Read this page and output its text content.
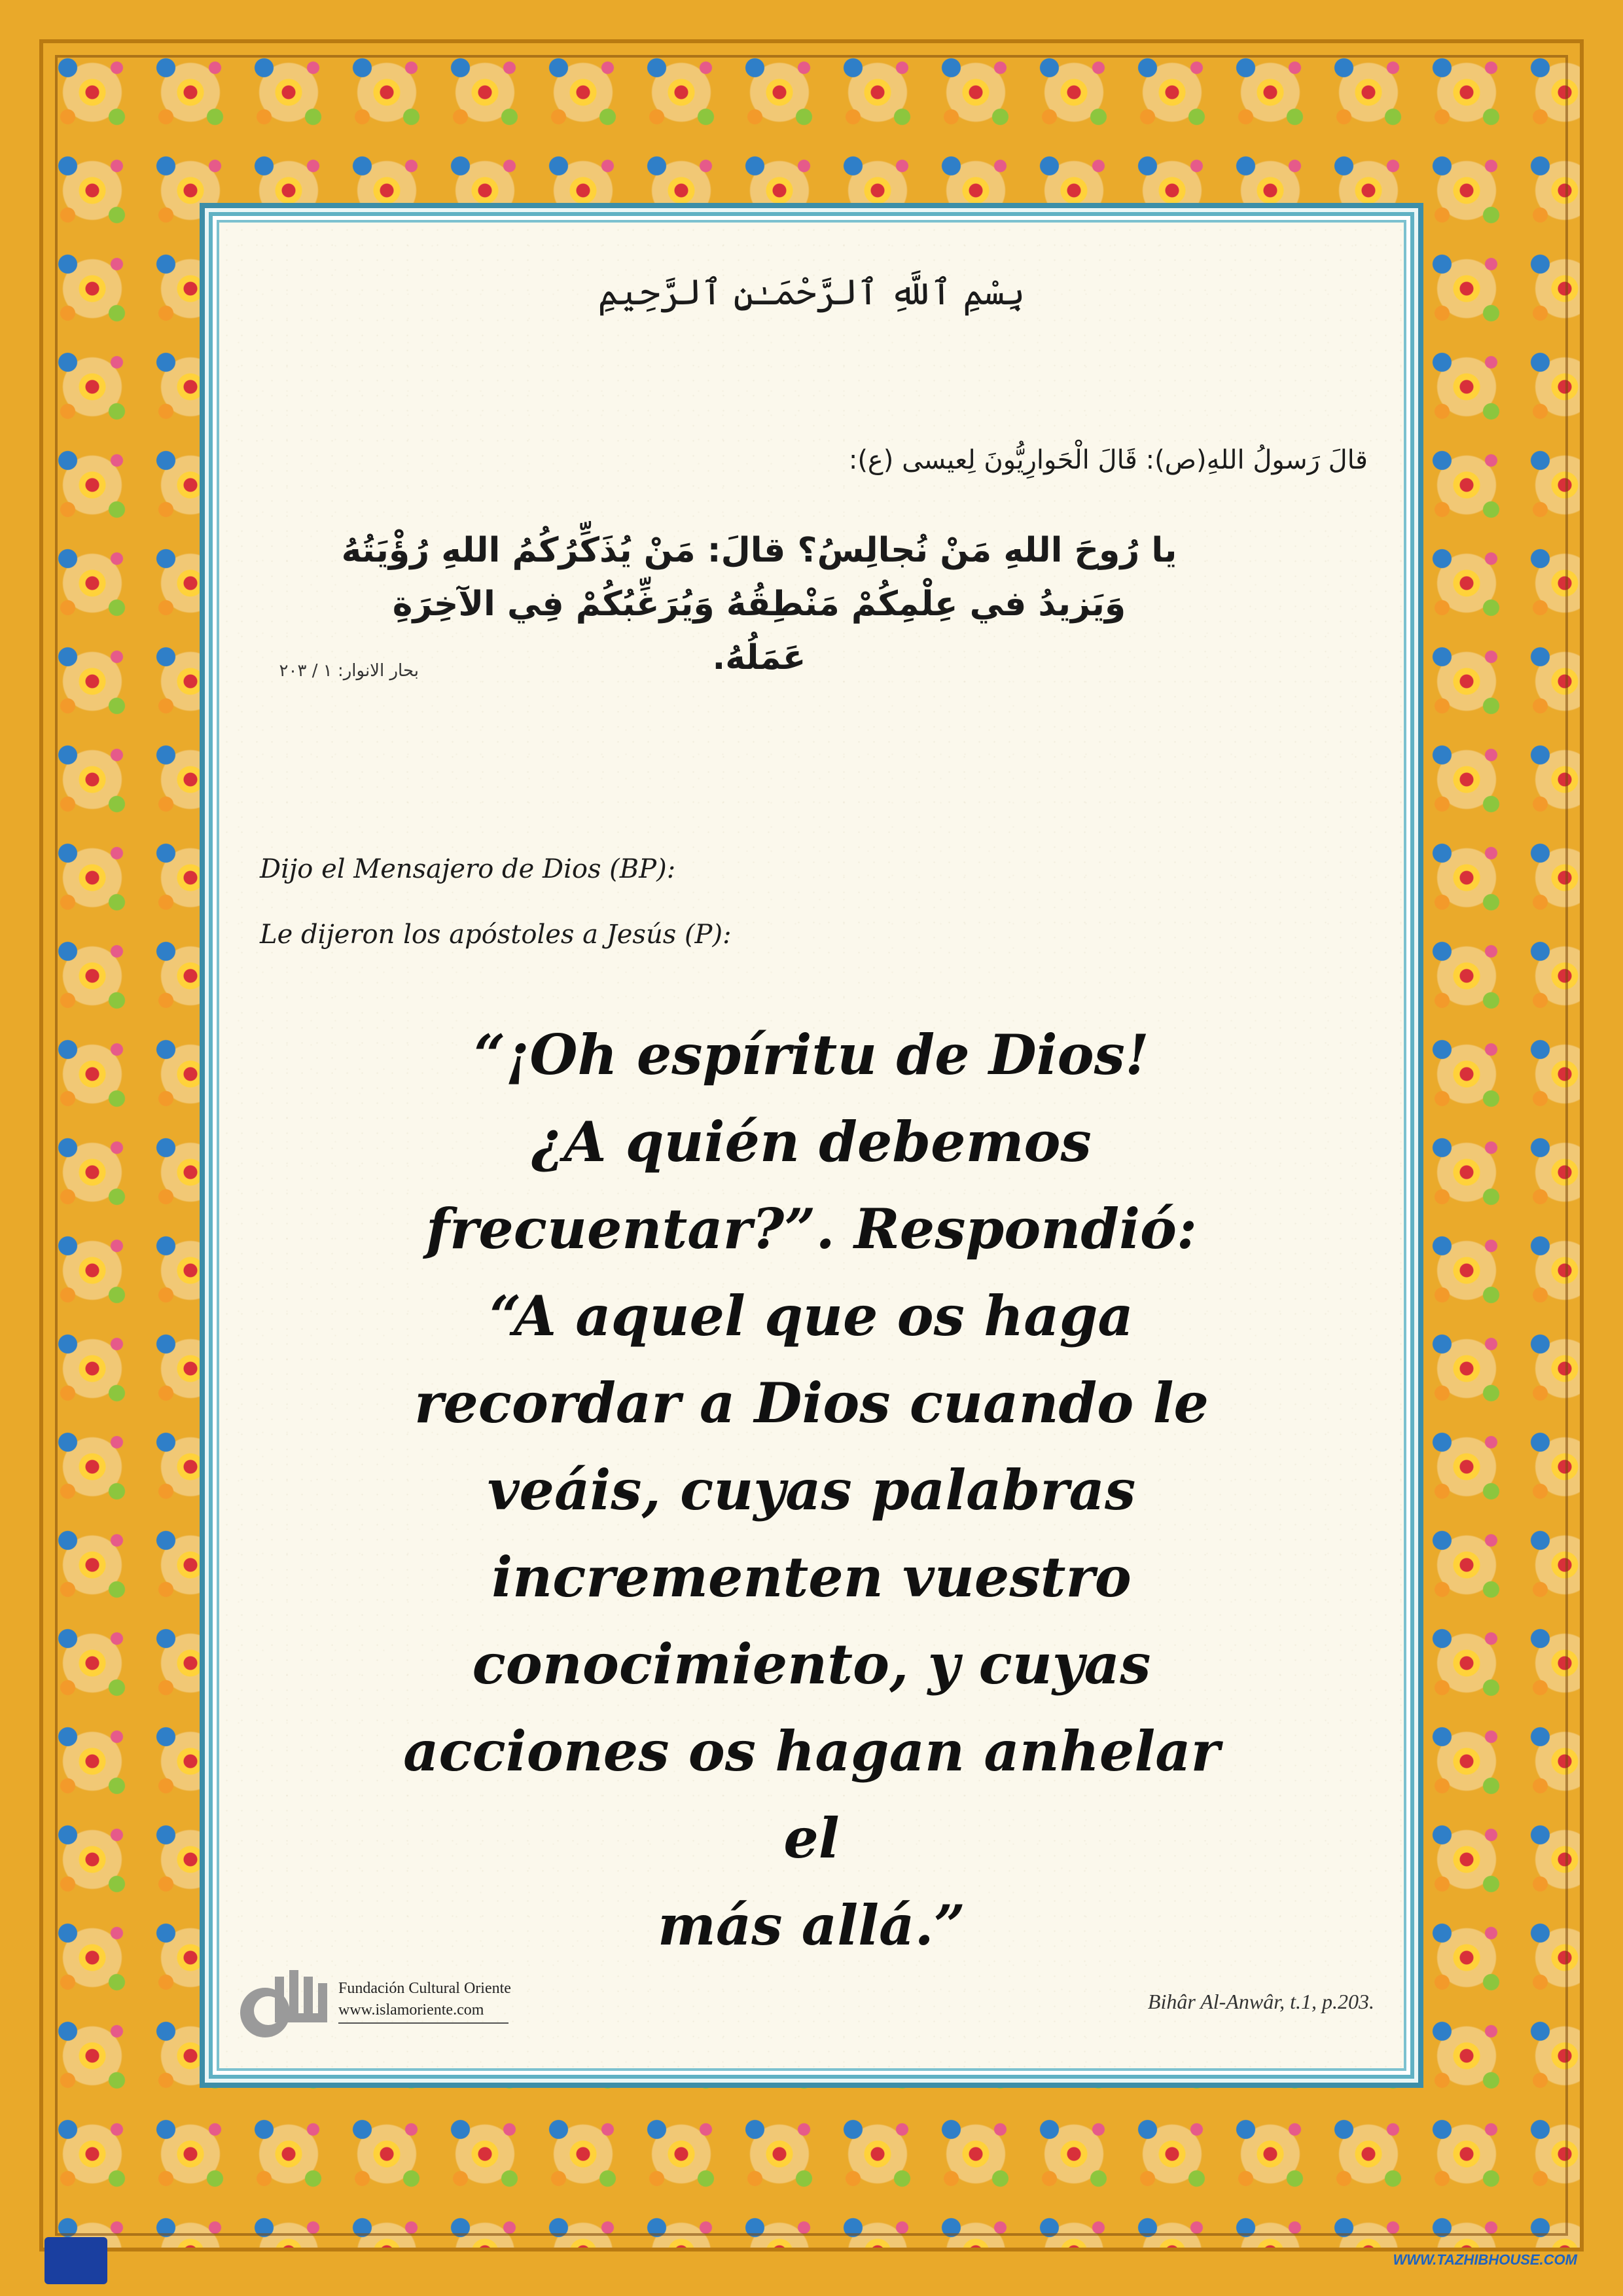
بِسْمِ ٱللَّهِ ٱلرَّحْمَـٰنِ ٱلرَّحِيمِ
قالَ رَسولُ اللهِ(ص): قَالَ الْحَوارِيُّونَ لِعيسى (ع):
يا رُوحَ اللهِ مَنْ نُجالِسُ؟ قالَ: مَنْ يُذَكِّرُكُمُ اللهِ رُؤْيَتُهُ
وَيَزيدُ في عِلْمِكُمْ مَنْطِقُهُ وَيُرَغِّبُكُمْ فِي الآخِرَةِ عَمَلُهُ.
بحار الانوار: ۱ / ۲۰۳
Dijo el Mensajero de Dios (BP):
Le dijeron los apóstoles a Jesús (P):
“¡Oh espíritu de Dios!
¿A quién debemos
frecuentar?”. Respondió:
“A aquel que os haga
recordar a Dios cuando le
veáis, cuyas palabras
incrementen vuestro
conocimiento, y cuyas
acciones os hagan anhelar el
más allá.”
Fundación Cultural Oriente
www.islamoriente.com	Bihâr Al-Anwâr, t.1, p.203.
WWW.TAZHIBHOUSE.COM
